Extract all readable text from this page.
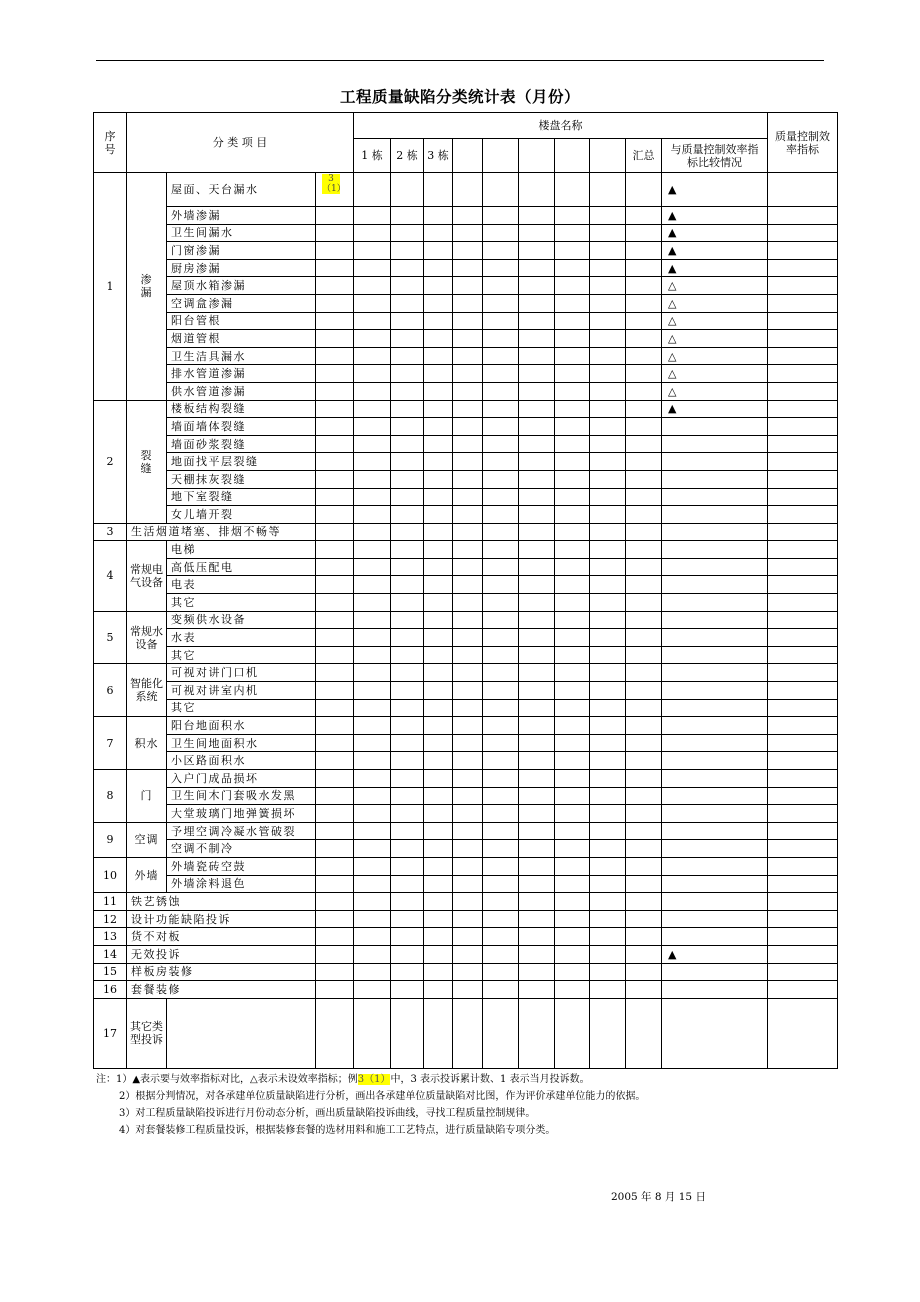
工程质量缺陷分类统计表（月份）
序号	分 类 项 目			楼盘名称										质量控制效率指标
				1 栋	2 栋	3 栋						汇总	与质量控制效率指标比较情况	
1	渗漏	屋面、天台漏水	3（1）										▲	
		外墙渗漏											▲	
		卫生间漏水											▲	
		门窗渗漏											▲	
		厨房渗漏											▲	
		屋顶水箱渗漏											△	
		空调盒渗漏											△	
		阳台管根											△	
		烟道管根											△	
		卫生洁具漏水											△	
		排水管道渗漏											△	
		供水管道渗漏											△	
2	裂缝	楼板结构裂缝											▲	
		墙面墙体裂缝												
		墙面砂浆裂缝												
		地面找平层裂缝												
		天棚抹灰裂缝												
		地下室裂缝												
		女儿墙开裂												
3	生活烟道堵塞、排烟不畅等													
4	常规电气设备	电梯												
		高低压配电												
		电表												
		其它												
5	常规水设备	变频供水设备												
		水表												
		其它												
6	智能化系统	可视对讲门口机												
		可视对讲室内机												
		其它												
7	积水	阳台地面积水												
		卫生间地面积水												
		小区路面积水												
8	门	入户门成品损坏												
		卫生间木门套吸水发黑												
		大堂玻璃门地弹簧损坏												
9	空调	予埋空调冷凝水管破裂												
		空调不制冷												
10	外墙	外墙瓷砖空鼓												
		外墙涂料退色												
11	铁艺锈蚀													
12	设计功能缺陷投诉													
13	货不对板													
14	无效投诉												▲	
15	样板房装修													
16	套餐装修													
17	其它类型投诉													
注：1）▲表示要与效率指标对比，△表示未设效率指标；例3（1）中，3 表示投诉累计数、1 表示当月投诉数。
2）根据分判情况，对各承建单位质量缺陷进行分析，画出各承建单位质量缺陷对比图，作为评价承建单位能力的依据。
3）对工程质量缺陷投诉进行月份动态分析，画出质量缺陷投诉曲线，寻找工程质量控制规律。
4）对套餐装修工程质量投诉，根据装修套餐的选材用料和施工工艺特点，进行质量缺陷专项分类。
2005 年 8 月 15 日
